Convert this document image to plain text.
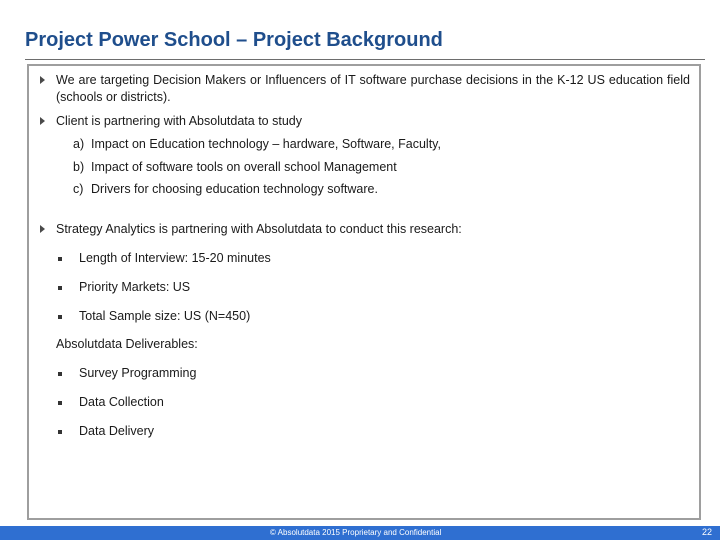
Project Power School – Project Background
We are targeting Decision Makers or Influencers of IT software purchase decisions in the K-12 US education field (schools or districts).
Client is partnering with Absolutdata to study
a) Impact on Education technology – hardware, Software, Faculty,
b) Impact of software tools on overall school Management
c) Drivers for choosing education technology software.
Strategy Analytics is partnering with Absolutdata to conduct this research:
Length of Interview: 15-20 minutes
Priority Markets: US
Total Sample size: US (N=450)
Absolutdata Deliverables:
Survey Programming
Data Collection
Data Delivery
© Absolutdata 2015 Proprietary and Confidential	22
